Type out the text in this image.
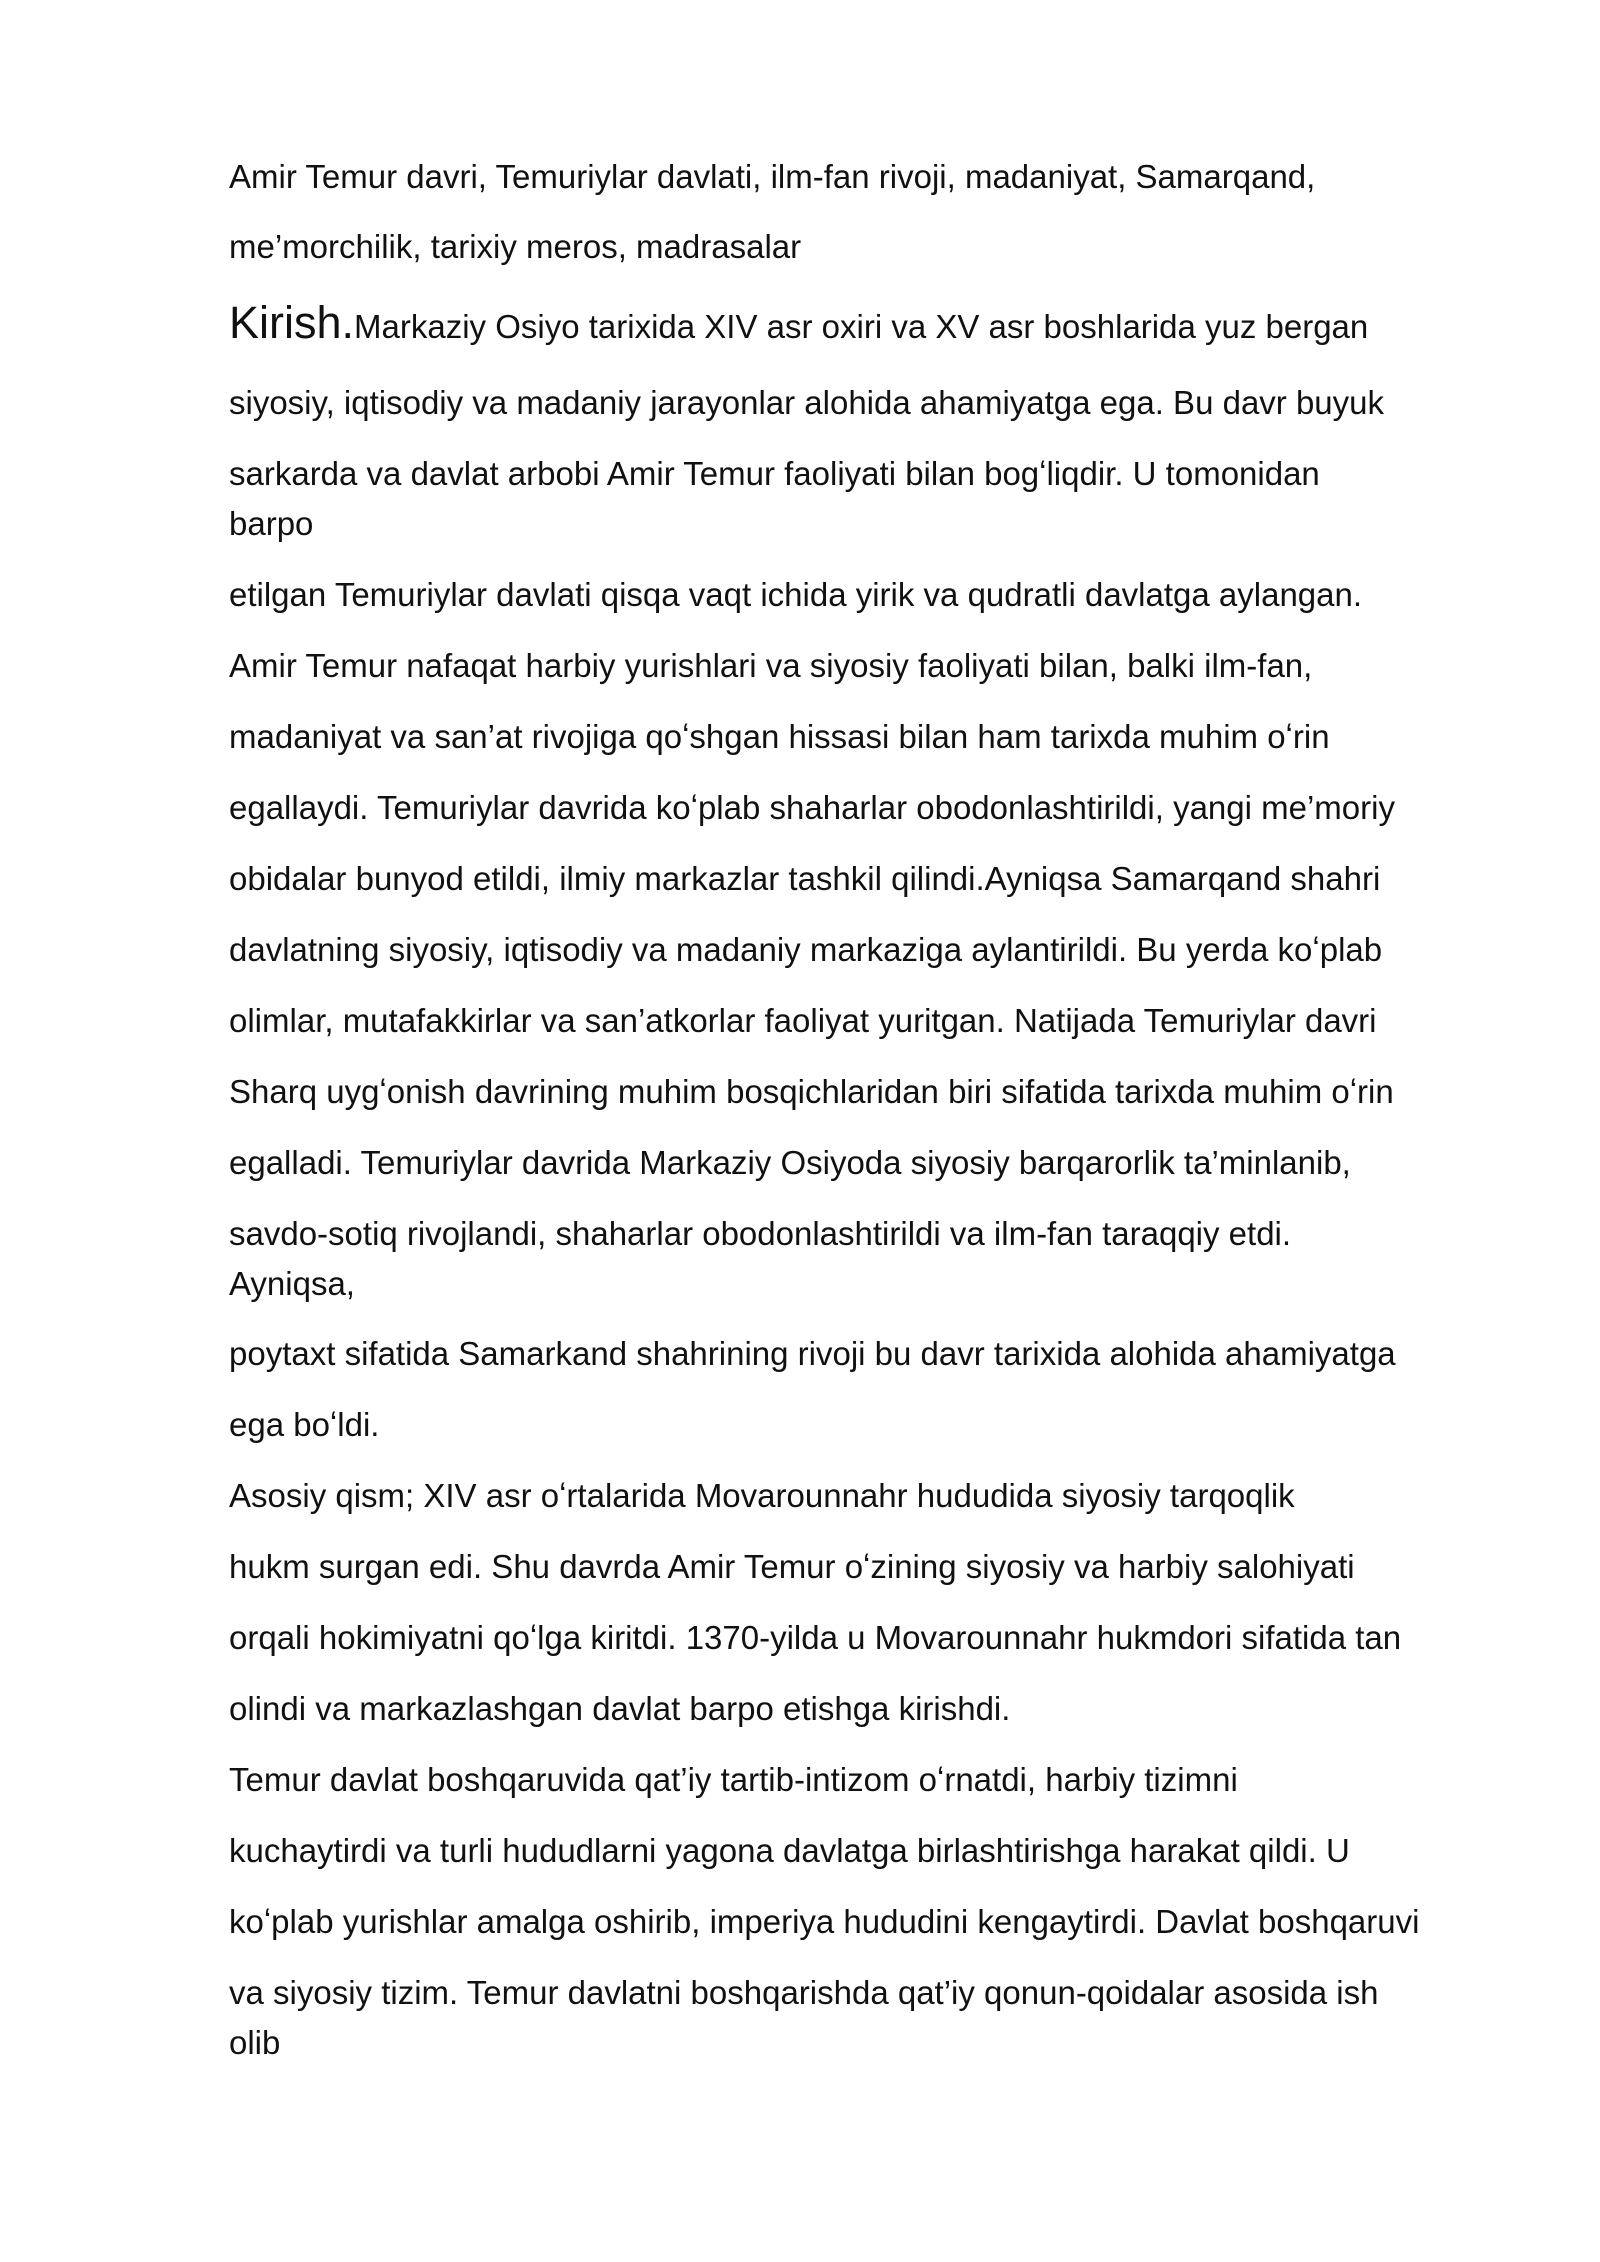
Amir Temur davri, Temuriylar davlati, ilm-fan rivoji, madaniyat, Samarqand,
me’morchilik, tarixiy meros, madrasalar
Kirish.Markaziy Osiyo tarixida XIV asr oxiri va XV asr boshlarida yuz bergan
siyosiy, iqtisodiy va madaniy jarayonlar alohida ahamiyatga ega. Bu davr buyuk
sarkarda va davlat arbobi Amir Temur faoliyati bilan bogʻliqdir. U tomonidan
barpo
etilgan Temuriylar davlati qisqa vaqt ichida yirik va qudratli davlatga aylangan.
Amir Temur nafaqat harbiy yurishlari va siyosiy faoliyati bilan, balki ilm-fan,
madaniyat va san’at rivojiga qoʻshgan hissasi bilan ham tarixda muhim oʻrin
egallaydi. Temuriylar davrida koʻplab shaharlar obodonlashtirildi, yangi me’moriy
obidalar bunyod etildi, ilmiy markazlar tashkil qilindi.Ayniqsa Samarqand shahri
davlatning siyosiy, iqtisodiy va madaniy markaziga aylantirildi. Bu yerda koʻplab
olimlar, mutafakkirlar va san’atkorlar faoliyat yuritgan. Natijada Temuriylar davri
Sharq uygʻonish davrining muhim bosqichlaridan biri sifatida tarixda muhim oʻrin
egalladi. Temuriylar davrida Markaziy Osiyoda siyosiy barqarorlik ta’minlanib,
savdo-sotiq rivojlandi, shaharlar obodonlashtirildi va ilm-fan taraqqiy etdi.
Ayniqsa,
poytaxt sifatida Samarkand shahrining rivoji bu davr tarixida alohida ahamiyatga
ega boʻldi.
Asosiy qism; XIV asr oʻrtalarida Movarounnahr hududida siyosiy tarqoqlik
hukm surgan edi. Shu davrda Amir Temur oʻzining siyosiy va harbiy salohiyati
orqali hokimiyatni qoʻlga kiritdi. 1370-yilda u Movarounnahr hukmdori sifatida tan
olindi va markazlashgan davlat barpo etishga kirishdi.
Temur davlat boshqaruvida qat’iy tartib-intizom oʻrnatdi, harbiy tizimni
kuchaytirdi va turli hududlarni yagona davlatga birlashtirishga harakat qildi. U
koʻplab yurishlar amalga oshirib, imperiya hududini kengaytirdi. Davlat boshqaruvi
va siyosiy tizim. Temur davlatni boshqarishda qat’iy qonun-qoidalar asosida ish
olib
